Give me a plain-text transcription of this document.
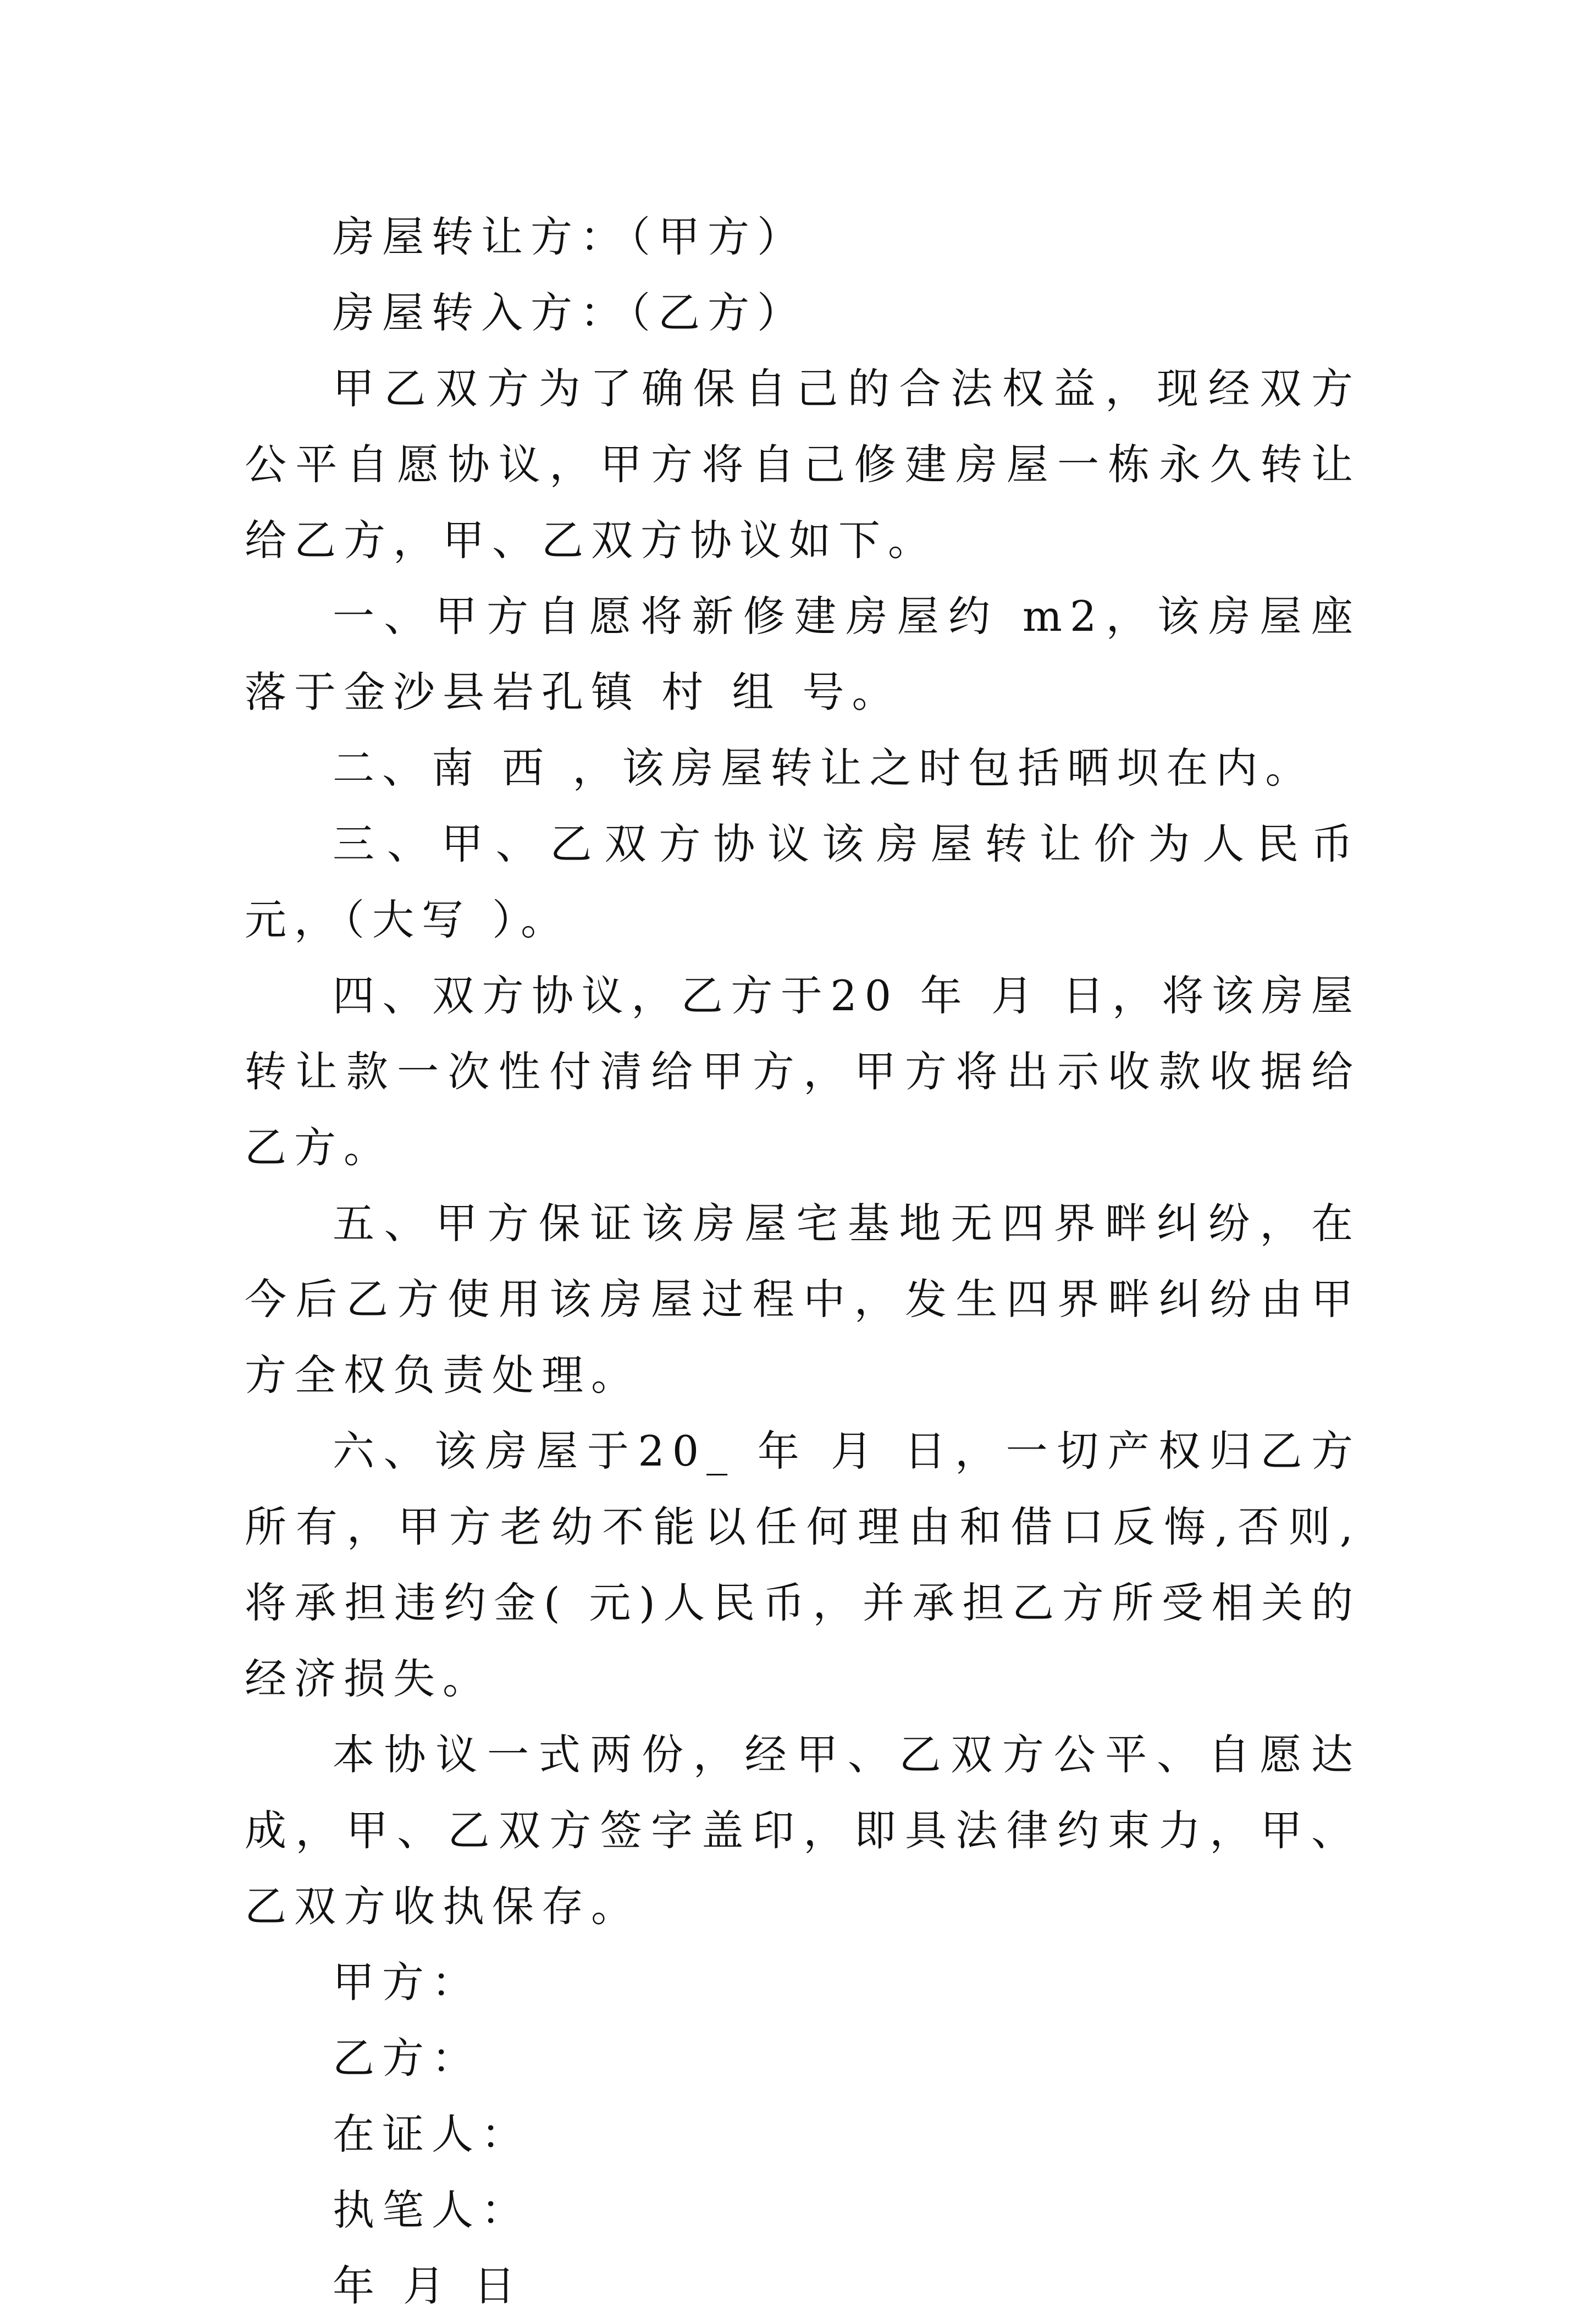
房屋转让方：（甲方）

房屋转入方：（乙方）

甲乙双方为了确保自己的合法权益，现经双方公平自愿协议，甲方将自己修建房屋一栋永久转让给乙方，甲、乙双方协议如下。

一、甲方自愿将新修建房屋约 m2，该房屋座落于金沙县岩孔镇 村 组 号。

二、南 西 ，该房屋转让之时包括晒坝在内。

三、甲、乙双方协议该房屋转让价为人民币 元，（大写 ）。

四、双方协议，乙方于20 年 月 日，将该房屋转让款一次性付清给甲方，甲方将出示收款收据给乙方。

五、甲方保证该房屋宅基地无四界畔纠纷，在今后乙方使用该房屋过程中，发生四界畔纠纷由甲方全权负责处理。

六、该房屋于20_ 年 月 日，一切产权归乙方所有，甲方老幼不能以任何理由和借口反悔,否则,将承担违约金( 元)人民币，并承担乙方所受相关的经济损失。

本协议一式两份，经甲、乙双方公平、自愿达成，甲、乙双方签字盖印，即具法律约束力，甲、乙双方收执保存。

甲方：

乙方：

在证人：

执笔人：

年 月 日
